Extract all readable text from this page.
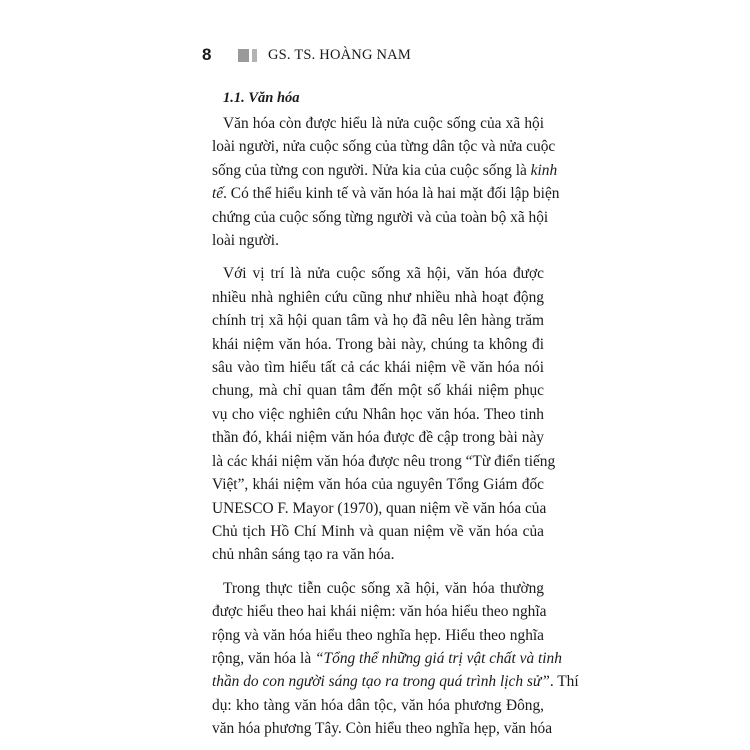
8	GS. TS. HOÀNG NAM
1.1. Văn hóa

Văn hóa còn được hiểu là nửa cuộc sống của xã hội
loài người, nửa cuộc sống của từng dân tộc và nửa cuộc
sống của từng con người. Nửa kia của cuộc sống là kinh
tế. Có thể hiểu kinh tế và văn hóa là hai mặt đối lập biện
chứng của cuộc sống từng người và của toàn bộ xã hội
loài người.

Với vị trí là nửa cuộc sống xã hội, văn hóa được
nhiều nhà nghiên cứu cũng như nhiều nhà hoạt động
chính trị xã hội quan tâm và họ đã nêu lên hàng trăm
khái niệm văn hóa. Trong bài này, chúng ta không đi
sâu vào tìm hiểu tất cả các khái niệm về văn hóa nói
chung, mà chỉ quan tâm đến một số khái niệm phục
vụ cho việc nghiên cứu Nhân học văn hóa. Theo tinh
thần đó, khái niệm văn hóa được đề cập trong bài này
là các khái niệm văn hóa được nêu trong “Từ điển tiếng
Việt”, khái niệm văn hóa của nguyên Tổng Giám đốc
UNESCO F. Mayor (1970), quan niệm về văn hóa của
Chủ tịch Hồ Chí Minh và quan niệm về văn hóa của
chủ nhân sáng tạo ra văn hóa.

Trong thực tiễn cuộc sống xã hội, văn hóa thường
được hiểu theo hai khái niệm: văn hóa hiểu theo nghĩa
rộng và văn hóa hiểu theo nghĩa hẹp. Hiểu theo nghĩa
rộng, văn hóa là “Tổng thể những giá trị vật chất và tinh
thần do con người sáng tạo ra trong quá trình lịch sử”. Thí
dụ: kho tàng văn hóa dân tộc, văn hóa phương Đông,
văn hóa phương Tây. Còn hiểu theo nghĩa hẹp, văn hóa
